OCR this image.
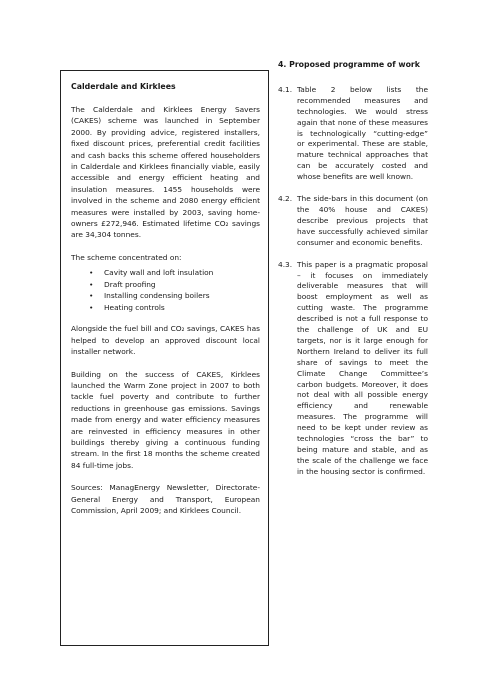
Calderdale and Kirklees

The Calderdale and Kirklees Energy Savers (CAKES) scheme was launched in September 2000. By providing advice, registered installers, fixed discount prices, preferential credit facilities and cash backs this scheme offered householders in Calderdale and Kirklees financially viable, easily accessible and energy efficient heating and insulation measures. 1455 households were involved in the scheme and 2080 energy efficient measures were installed by 2003, saving home-owners £272,946. Estimated lifetime CO₂ savings are 34,304 tonnes.

The scheme concentrated on:

• Cavity wall and loft insulation
• Draft proofing
• Installing condensing boilers
• Heating controls

Alongside the fuel bill and CO₂ savings, CAKES has helped to develop an approved discount local installer network.

Building on the success of CAKES, Kirklees launched the Warm Zone project in 2007 to both tackle fuel poverty and contribute to further reductions in greenhouse gas emissions. Savings made from energy and water efficiency measures are reinvested in efficiency measures in other buildings thereby giving a continuous funding stream. In the first 18 months the scheme created 84 full-time jobs.

Sources: ManagEnergy Newsletter, Directorate-General Energy and Transport, European Commission, April 2009; and Kirklees Council.

4. Proposed programme of work
4.1. Table 2 below lists the recommended measures and technologies. We would stress again that none of these measures is technologically “cutting-edge” or experimental. These are stable, mature technical approaches that can be accurately costed and whose benefits are well known.
4.2. The side-bars in this document (on the 40% house and CAKES) describe previous projects that have successfully achieved similar consumer and economic benefits.
4.3. This paper is a pragmatic proposal – it focuses on immediately deliverable measures that will boost employment as well as cutting waste. The programme described is not a full response to the challenge of UK and EU targets, nor is it large enough for Northern Ireland to deliver its full share of savings to meet the Climate Change Committee’s carbon budgets. Moreover, it does not deal with all possible energy efficiency and renewable measures. The programme will need to be kept under review as technologies “cross the bar” to being mature and stable, and as the scale of the challenge we face in the housing sector is confirmed.
